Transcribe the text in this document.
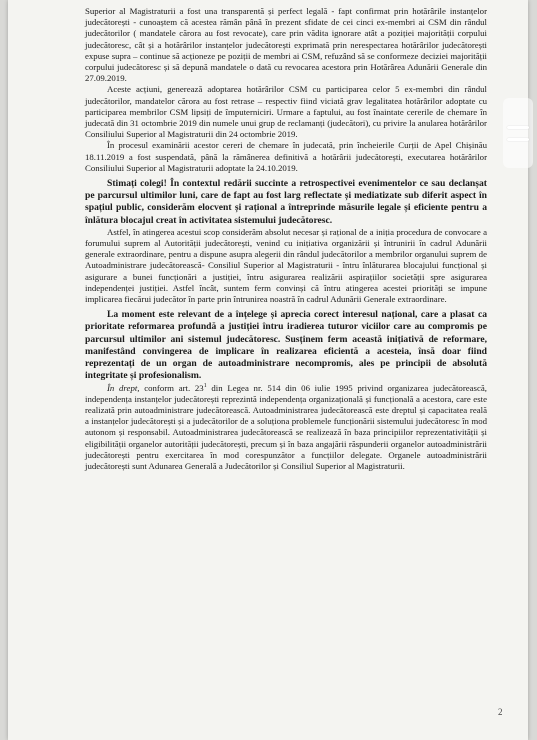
Superior al Magistraturii a fost una transparentă și perfect legală - fapt confirmat prin hotărârile instanțelor judecătorești - cunoaștem că acestea rămân până în prezent sfidate de cei cinci ex-membri ai CSM din rândul judecătorilor ( mandatele cărora au fost revocate), care prin vădita ignorare atât a poziției majorității corpului judecătoresc, cât și a hotărârilor instanțelor judecătorești exprimată prin nerespectarea hotărârilor judecătorești expuse supra – continue să acționeze pe poziții de membri ai CSM, refuzând să se conformeze deciziei majorității corpului judecătoresc și să depună mandatele o dată cu revocarea acestora prin Hotărârea Adunării Generale din 27.09.2019.

Aceste acțiuni, generează adoptarea hotărârilor CSM cu participarea celor 5 ex-membri din rândul judecătorilor, mandatelor cărora au fost retrase – respectiv fiind viciată grav legalitatea hotărârilor adoptate cu participarea membrilor CSM lipsiți de împuterniciri. Urmare a faptului, au fost înaintate cererile de chemare în judecată din 31 octombrie 2019 din numele unui grup de reclamanți (judecători), cu privire la anularea hotărârilor Consiliului Superior al Magistraturii din 24 octombrie 2019.

În procesul examinării acestor cereri de chemare în judecată, prin încheierile Curții de Apel Chișinău 18.11.2019 a fost suspendată, până la rămânerea definitivă a hotărârii judecătorești, executarea hotărârilor Consiliului Superior al Magistraturii adoptate la 24.10.2019.

Stimați colegi! În contextul redării succinte a retrospectivei evenimentelor ce sau declanșat pe parcursul ultimilor luni, care de fapt au fost larg reflectate și mediatizate sub diferit aspect în spațiul public, considerăm elocvent și rațional a întreprinde măsurile legale și eficiente pentru a înlătura blocajul creat în activitatea sistemului judecătoresc.

Astfel, în atingerea acestui scop considerăm absolut necesar și rațional de a iniția procedura de convocare a forumului suprem al Autorității judecătorești, venind cu inițiativa organizării și întrunirii în cadrul Adunării generale extraordinare, pentru a dispune asupra alegerii din rândul judecătorilor a membrilor organului suprem de Autoadministrare judecătorească- Consiliul Superior al Magistraturii - întru înlăturarea blocajului funcțional și asigurare a bunei funcționări a justiției, întru asigurarea realizării aspirațiilor societății spre asigurarea independenței justiției. Astfel încât, suntem ferm convinși că întru atingerea acestei priorități se impune implicarea fiecărui judecător în parte prin întrunirea noastră în cadrul Adunării Generale extraordinare.

La moment este relevant de a înțelege și aprecia corect interesul național, care a plasat ca prioritate reformarea profundă a justiției întru iradierea tuturor viciilor care au compromis pe parcursul ultimilor ani sistemul judecătoresc. Susținem ferm această inițiativă de reformare, manifestând convingerea de implicare în realizarea eficientă a acesteia, însă doar fiind reprezentați de un organ de autoadministrare necompromis, ales pe principii de absolută integritate și profesionalism.

În drept, conform art. $23^1$ din Legea nr. 514 din 06 iulie 1995 privind organizarea judecătorească, independența instanțelor judecătorești reprezintă independența organizațională și funcțională a acestora, care este realizată prin autoadministrare judecătorească. Autoadministrarea judecătorească este dreptul și capacitatea reală a instanțelor judecătorești și a judecătorilor de a soluționa problemele funcționării sistemului judecătoresc în mod autonom și responsabil. Autoadministrarea judecătorească se realizează în baza principiilor reprezentativității și eligibilității organelor autorității judecătorești, precum și în baza angajării răspunderii organelor autoadministrării judecătorești pentru exercitarea în mod corespunzător a funcțiilor delegate. Organele autoadministrării judecătorești sunt Adunarea Generală a Judecătorilor și Consiliul Superior al Magistraturii.

2
